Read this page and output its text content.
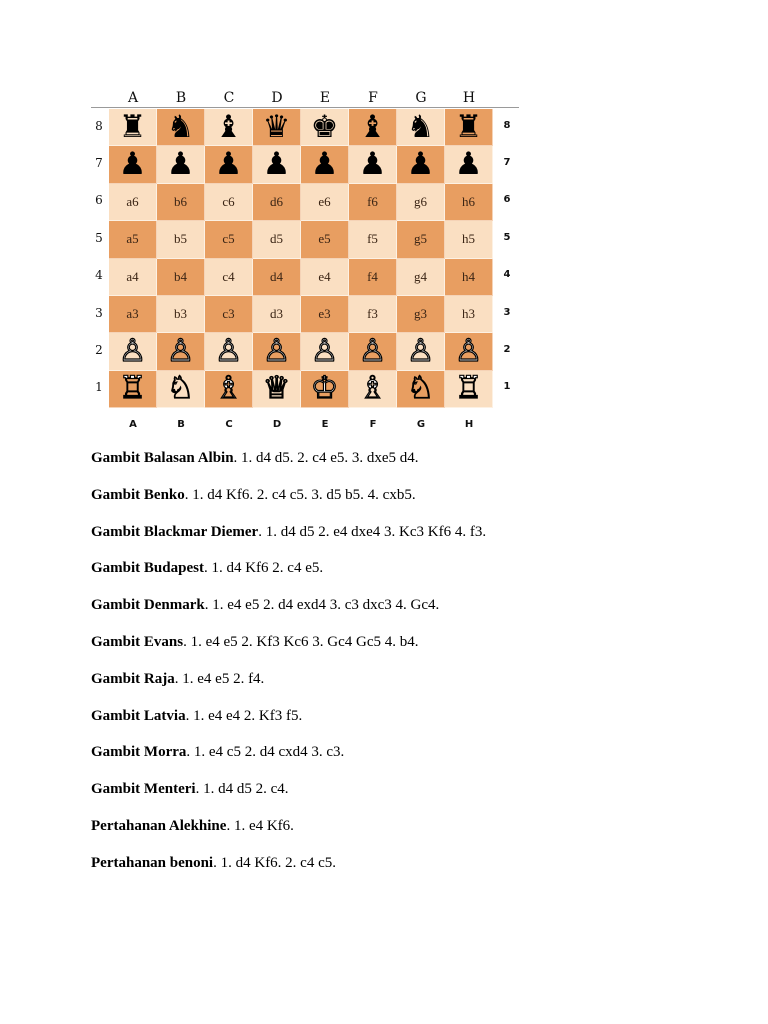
♜ ♞ ♝ ♛ ♚ ♝ ♞ ♜
♟ ♟ ♟ ♟ ♟ ♟ ♟ ♟
a6	b6	c6	d6	e6	f6	g6	h6
a5	b5	c5	d5	e5	f5	g5	h5
a4	b4	c4	d4	e4	f4	g4	h4
a3	b3	c3	d3	e3	f3	g3	h3
♙ ♙ ♙ ♙ ♙ ♙ ♙ ♙
♖ ♘ ♗ ♕ ♔ ♗ ♘ ♖
A	B	C	D	E	F	G	H
A	B	C	D	E	F	G	H
8	8
7	7
6	6
5	5
4	4
3	3
2	2
1	1
Gambit Balasan Albin. 1. d4 d5. 2. c4 e5. 3. dxe5 d4.
Gambit Benko. 1. d4 Kf6. 2. c4 c5. 3. d5 b5. 4. cxb5.
Gambit Blackmar Diemer. 1. d4 d5 2. e4 dxe4 3. Kc3 Kf6 4. f3.
Gambit Budapest. 1. d4 Kf6 2. c4 e5.
Gambit Denmark. 1. e4 e5 2. d4 exd4 3. c3 dxc3 4. Gc4.
Gambit Evans. 1. e4 e5 2. Kf3 Kc6 3. Gc4 Gc5 4. b4.
Gambit Raja. 1. e4 e5 2. f4.
Gambit Latvia. 1. e4 e4 2. Kf3 f5.
Gambit Morra. 1. e4 c5 2. d4 cxd4 3. c3.
Gambit Menteri. 1. d4 d5 2. c4.
Pertahanan Alekhine. 1. e4 Kf6.
Pertahanan benoni. 1. d4 Kf6. 2. c4 c5.
